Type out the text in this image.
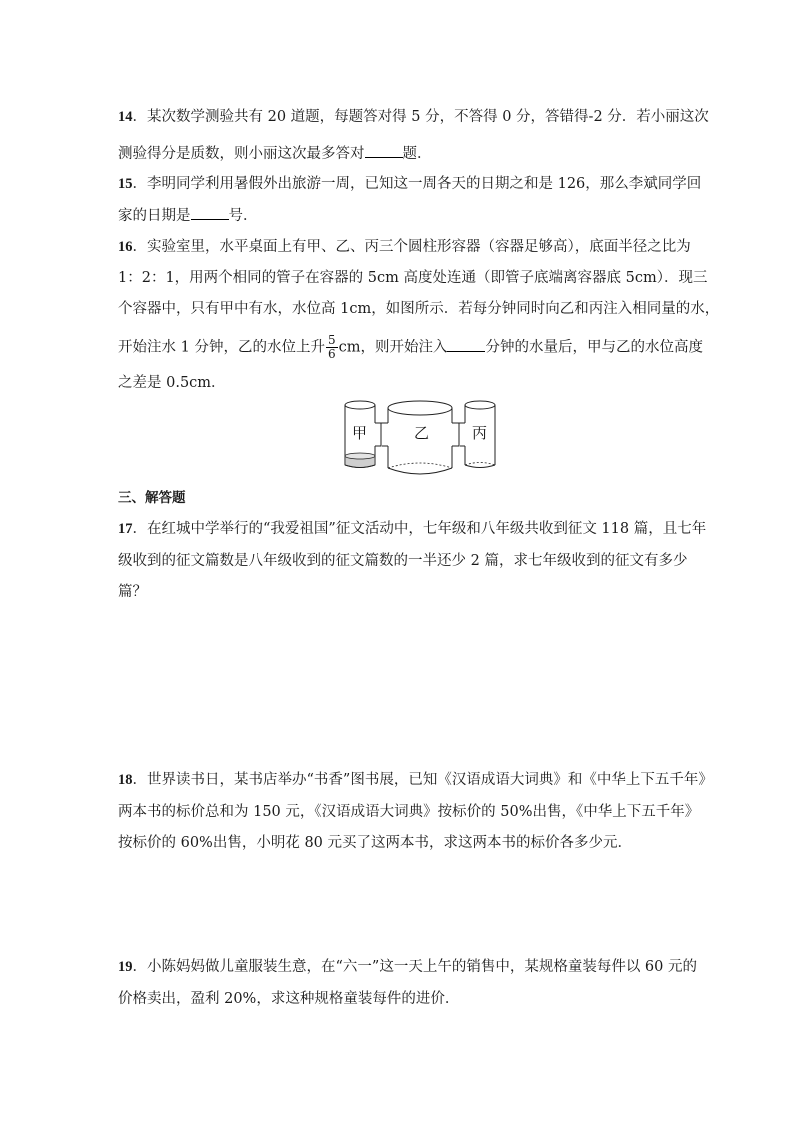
14．某次数学测验共有 20 道题，每题答对得 5 分，不答得 0 分，答错得-2 分．若小丽这次
测验得分是质数，则小丽这次最多答对	题．
15．李明同学利用暑假外出旅游一周，已知这一周各天的日期之和是 126，那么李斌同学回
家的日期是	号．
16．实验室里，水平桌面上有甲、乙、丙三个圆柱形容器（容器足够高），底面半径之比为
1：2：1，用两个相同的管子在容器的 5cm 高度处连通（即管子底端离容器底 5cm）．现三
个容器中，只有甲中有水，水位高 1cm，如图所示．若每分钟同时向乙和丙注入相同量的水，
开始注水 1 分钟，乙的水位上升 $\frac{5}{6}$ cm，则开始注入	分钟的水量后，甲与乙的水位高度
之差是 0.5cm．
甲	乙	丙
三、解答题
17．在红城中学举行的“我爱祖国”征文活动中，七年级和八年级共收到征文 118 篇，且七年
级收到的征文篇数是八年级收到的征文篇数的一半还少 2 篇，求七年级收到的征文有多少
篇？
18．世界读书日，某书店举办“书香”图书展，已知《汉语成语大词典》和《中华上下五千年》
两本书的标价总和为 150 元，《汉语成语大词典》按标价的 50%出售，《中华上下五千年》
按标价的 60%出售，小明花 80 元买了这两本书，求这两本书的标价各多少元．
19．小陈妈妈做儿童服装生意，在“六一”这一天上午的销售中，某规格童装每件以 60 元的
价格卖出，盈利 20%，求这种规格童装每件的进价．
